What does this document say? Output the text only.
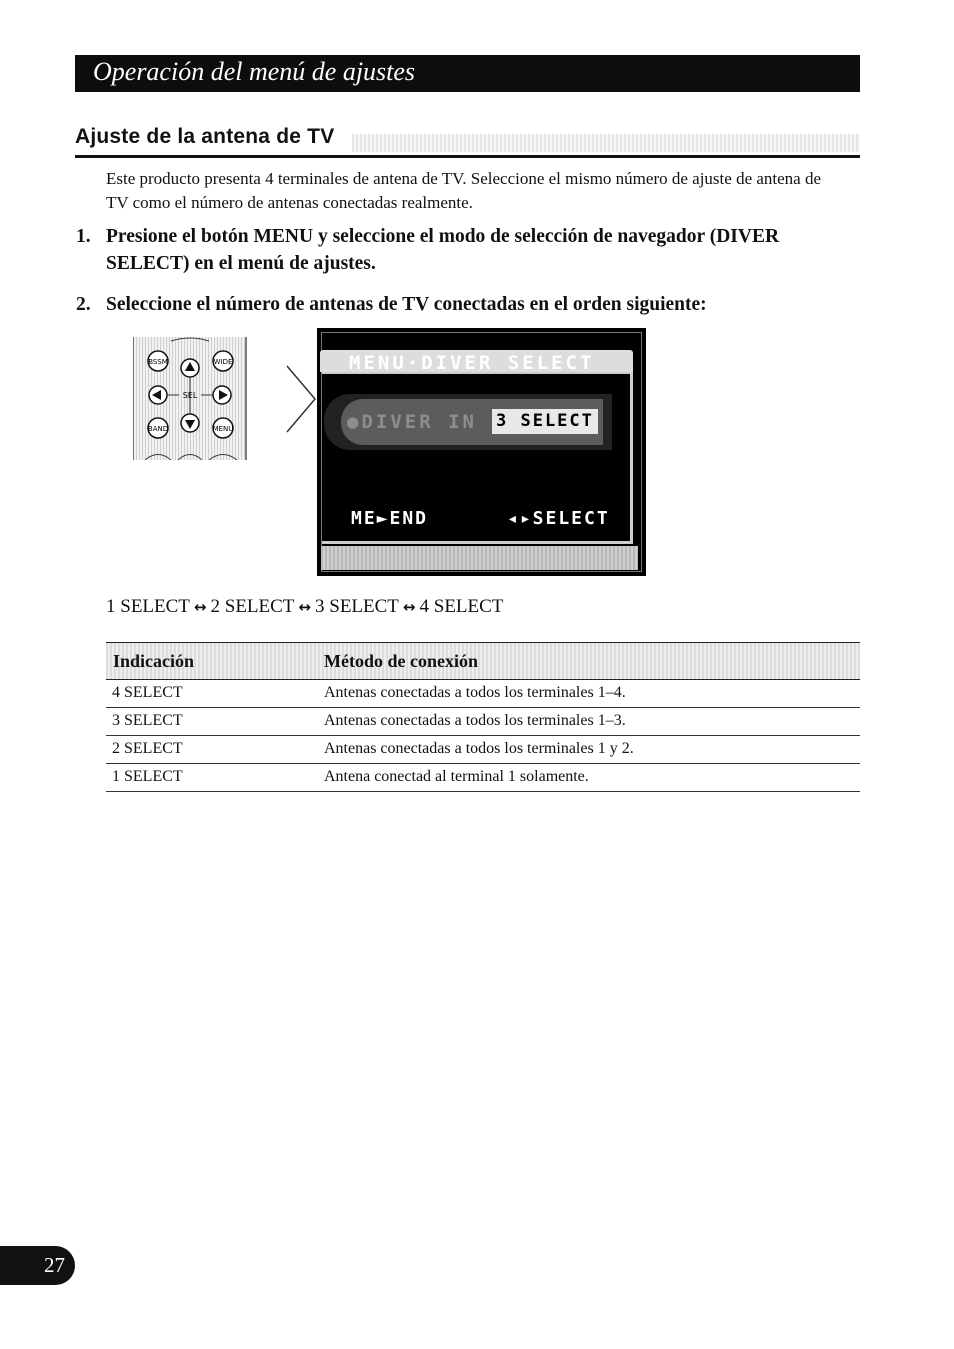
Operación del menú de ajustes
Ajuste de la antena de TV
Este producto presenta 4 terminales de antena de TV. Seleccione el mismo número de ajuste de antena de TV como el número de antenas conectadas realmente.
1. Presione el botón MENU y seleccione el modo de selección de navegador (DIVER SELECT) en el menú de ajustes.
2. Seleccione el número de antenas de TV conectadas en el orden siguiente:
BSSM	WIDE
SEL
BAND	MENU
MENU·DIVER SELECT
●DIVER IN 3 SELECT
ME►END	◂▸SELECT
1 SELECT ↔ 2 SELECT ↔ 3 SELECT ↔ 4 SELECT
Indicación	Método de conexión
4 SELECT	Antenas conectadas a todos los terminales 1–4.
3 SELECT	Antenas conectadas a todos los terminales 1–3.
2 SELECT	Antenas conectadas a todos los terminales 1 y 2.
1 SELECT	Antena conectad al terminal 1 solamente.
27
